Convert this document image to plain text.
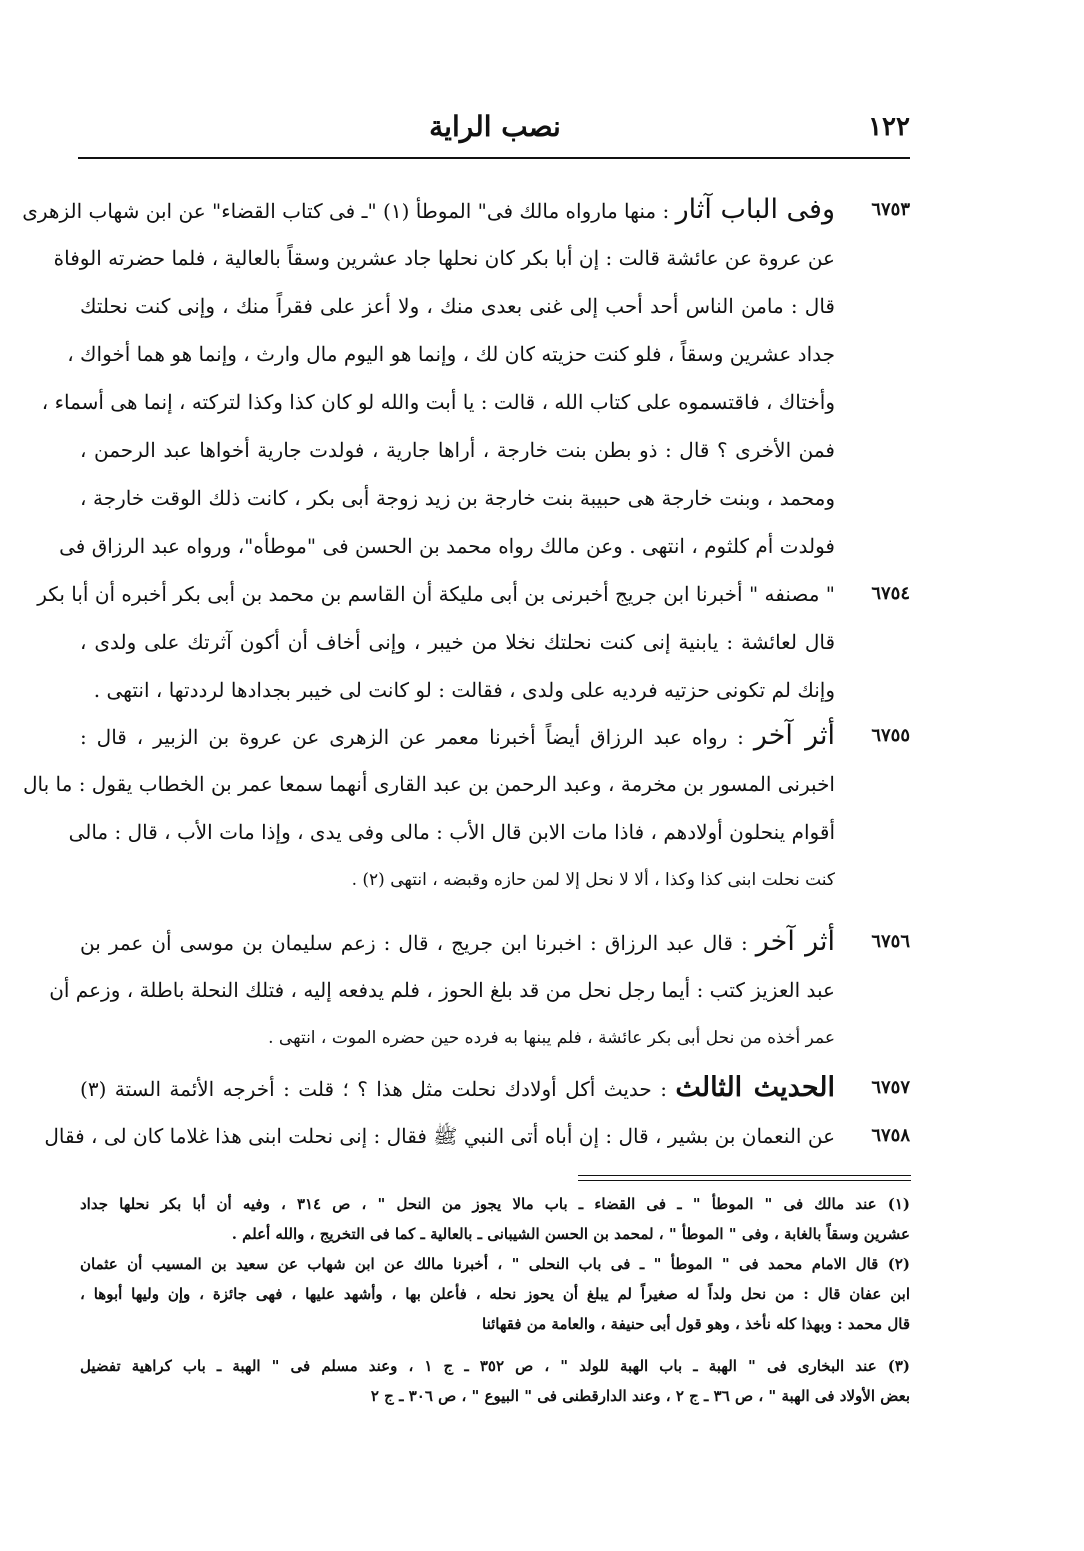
١٢٢
نصب الراية
٦٧٥٣
وفى الباب آثار : منها مارواه مالك فى" الموطأ (١) "ـ فى كتاب القضاء" عن ابن شهاب الزهرى
عن عروة عن عائشة قالت : إن أبا بكر كان نحلها جاد عشرين وسقاً بالعالية ، فلما حضرته الوفاة
قال : مامن الناس أحد أحب إلى غنى بعدى منك ، ولا أعز على فقراً منك ، وإنى كنت نحلتك
جداد عشرين وسقاً ، فلو كنت حزيته كان لك ، وإنما هو اليوم مال وارث ، وإنما هو هما أخواك ،
وأختاك ، فاقتسموه على كتاب الله ، قالت : يا أبت والله لو كان كذا وكذا لتركته ، إنما هى أسماء ،
فمن الأخرى ؟ قال : ذو بطن بنت خارجة ، أراها جارية ، فولدت جارية أخواها عبد الرحمن ،
ومحمد ، وبنت خارجة هى حبيبة بنت خارجة بن زيد زوجة أبى بكر ، كانت ذلك الوقت خارجة ،
فولدت أم كلثوم ، انتهى . وعن مالك رواه محمد بن الحسن فى "موطأه"، ورواه عبد الرزاق فى
٦٧٥٤
" مصنفه " أخبرنا ابن جريج أخبرنى بن أبى مليكة أن القاسم بن محمد بن أبى بكر أخبره أن أبا بكر
قال لعائشة : يابنية إنى كنت نحلتك نخلا من خيبر ، وإنى أخاف أن أكون آثرتك على ولدى ،
وإنك لم تكونى حزتيه فرديه على ولدى ، فقالت : لو كانت لى خيبر بجدادها لرددتها ، انتهى .
٦٧٥٥
أثر آخر : رواه عبد الرزاق أيضاً أخبرنا معمر عن الزهرى عن عروة بن الزبير ، قال :
اخبرنى المسور بن مخرمة ، وعبد الرحمن بن عبد القارى أنهما سمعا عمر بن الخطاب يقول : ما بال
أقوام ينحلون أولادهم ، فاذا مات الابن قال الأب : مالى وفى يدى ، وإذا مات الأب ، قال : مالى
كنت نحلت ابنى كذا وكذا ، ألا لا نحل إلا لمن حازه وقبضه ، انتهى (٢) .
٦٧٥٦
أثر آخر : قال عبد الرزاق : اخبرنا ابن جريج ، قال : زعم سليمان بن موسى أن عمر بن
عبد العزيز كتب : أيما رجل نحل من قد بلغ الحوز ، فلم يدفعه إليه ، فتلك النحلة باطلة ، وزعم أن
عمر أخذه من نحل أبى بكر عائشة ، فلم يبنها به فرده حين حضره الموت ، انتهى .
٦٧٥٧
الحديث الثالث : حديث أكل أولادك نحلت مثل هذا ؟ ؛ قلت : أخرجه الأئمة الستة (٣)
٦٧٥٨
عن النعمان بن بشير ، قال : إن أباه أتى النبي ﷺ فقال : إنى نحلت ابنى هذا غلاما كان لى ، فقال
(١) عند مالك فى " الموطأ " ـ فى القضاء ـ باب مالا يجوز من النحل " ، ص ٣١٤ ، وفيه أن أبا بكر نحلها جداد
عشرين وسقاً بالغابة ، وفى " الموطأ " ، لمحمد بن الحسن الشيبانى ـ بالعالية ـ كما فى التخريج ، والله أعلم .
(٢) قال الامام محمد فى " الموطأ " ـ فى باب النحلى " ، أخبرنا مالك عن ابن شهاب عن سعيد بن المسيب أن عثمان
ابن عفان قال : من نحل ولداً له صغيراً لم يبلغ أن يحوز نحله ، فأعلن بها ، وأشهد عليها ، فهى جائزة ، وإن وليها أبوها ،
قال محمد : وبهذا كله نأخذ ، وهو قول أبى حنيفة ، والعامة من فقهائنا
(٣) عند البخارى فى " الهبة ـ باب الهبة للولد " ، ص ٣٥٢ ـ ج ١ ، وعند مسلم فى " الهبة ـ باب كراهية تفضيل
بعض الأولاد فى الهبة " ، ص ٣٦ ـ ج ٢ ، وعند الدارقطنى فى " البيوع " ، ص ٣٠٦ ـ ج ٢
